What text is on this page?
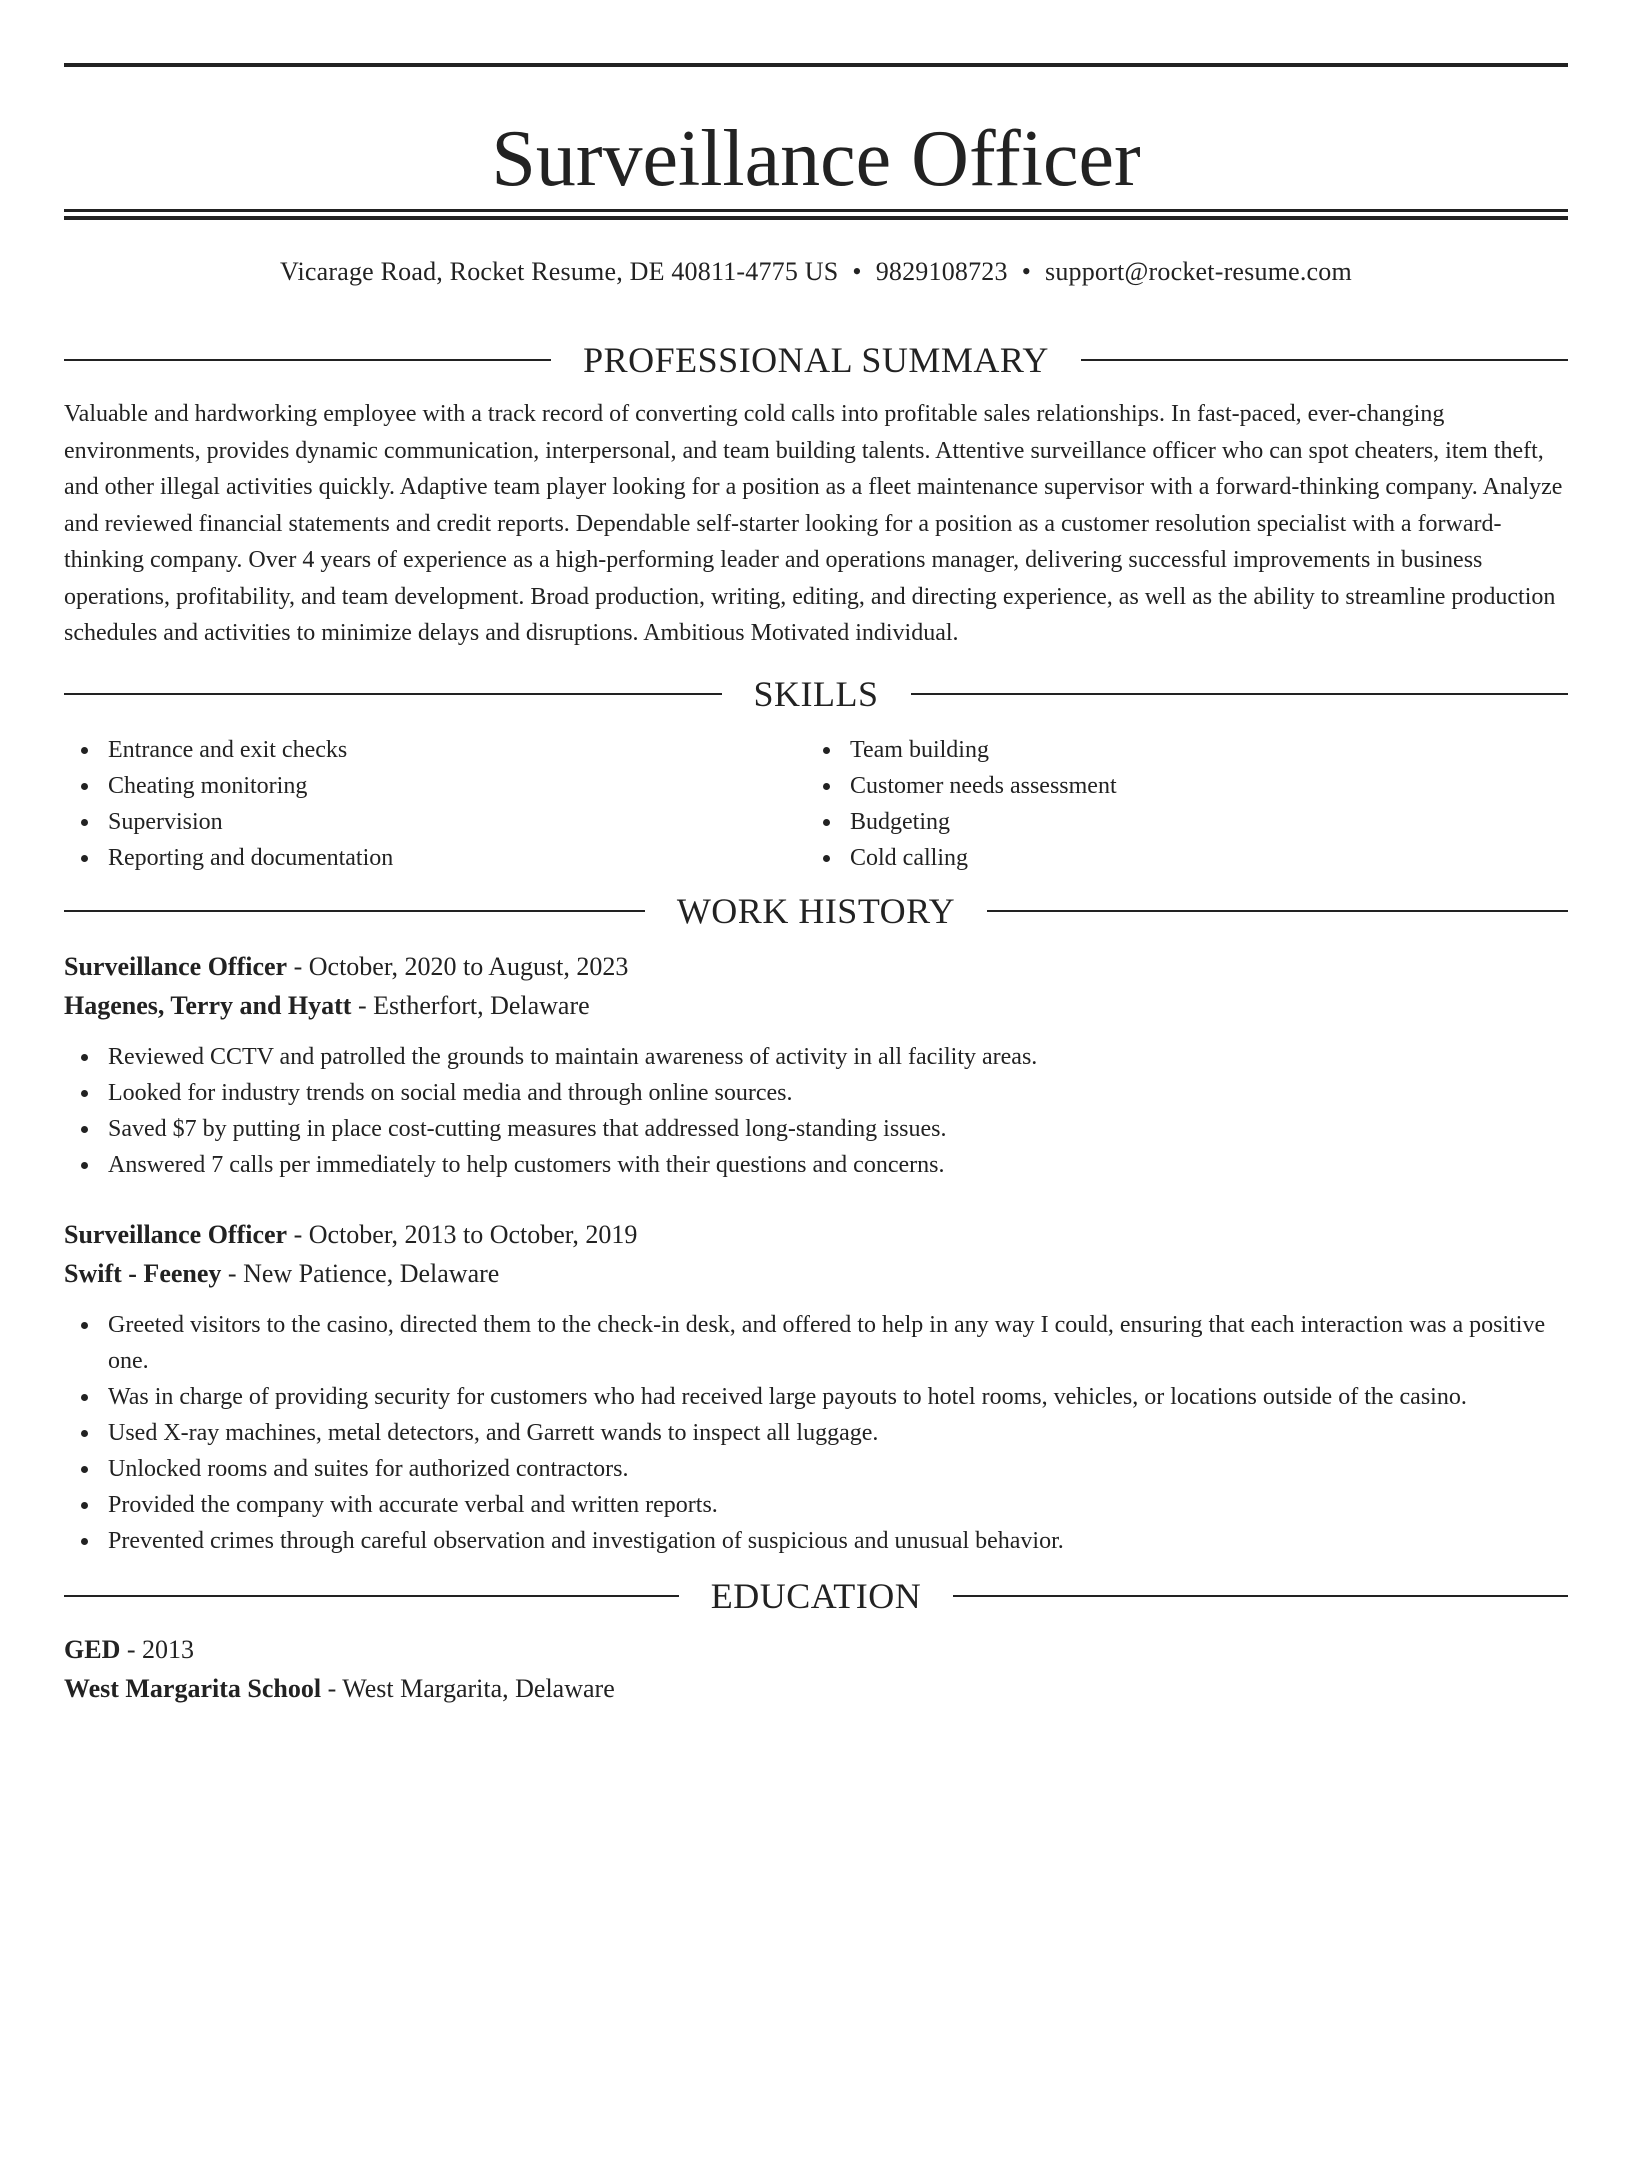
Surveillance Officer
Vicarage Road, Rocket Resume, DE 40811-4775 US • 9829108723 • support@rocket-resume.com
PROFESSIONAL SUMMARY

Valuable and hardworking employee with a track record of converting cold calls into profitable sales relationships. In fast-paced, ever-changing environments, provides dynamic communication, interpersonal, and team building talents. Attentive surveillance officer who can spot cheaters, item theft, and other illegal activities quickly. Adaptive team player looking for a position as a fleet maintenance supervisor with a forward-thinking company. Analyze and reviewed financial statements and credit reports. Dependable self-starter looking for a position as a customer resolution specialist with a forward-thinking company. Over 4 years of experience as a high-performing leader and operations manager, delivering successful improvements in business operations, profitability, and team development. Broad production, writing, editing, and directing experience, as well as the ability to streamline production schedules and activities to minimize delays and disruptions. Ambitious Motivated individual.

SKILLS
Entrance and exit checks
Cheating monitoring
Supervision
Reporting and documentation
Team building
Customer needs assessment
Budgeting
Cold calling
WORK HISTORY
Surveillance Officer - October, 2020 to August, 2023
Hagenes, Terry and Hyatt - Estherfort, Delaware
Reviewed CCTV and patrolled the grounds to maintain awareness of activity in all facility areas.
Looked for industry trends on social media and through online sources.
Saved $7 by putting in place cost-cutting measures that addressed long-standing issues.
Answered 7 calls per immediately to help customers with their questions and concerns.
Surveillance Officer - October, 2013 to October, 2019
Swift - Feeney - New Patience, Delaware
Greeted visitors to the casino, directed them to the check-in desk, and offered to help in any way I could, ensuring that each interaction was a positive one.
Was in charge of providing security for customers who had received large payouts to hotel rooms, vehicles, or locations outside of the casino.
Used X-ray machines, metal detectors, and Garrett wands to inspect all luggage.
Unlocked rooms and suites for authorized contractors.
Provided the company with accurate verbal and written reports.
Prevented crimes through careful observation and investigation of suspicious and unusual behavior.
EDUCATION
GED - 2013
West Margarita School - West Margarita, Delaware
